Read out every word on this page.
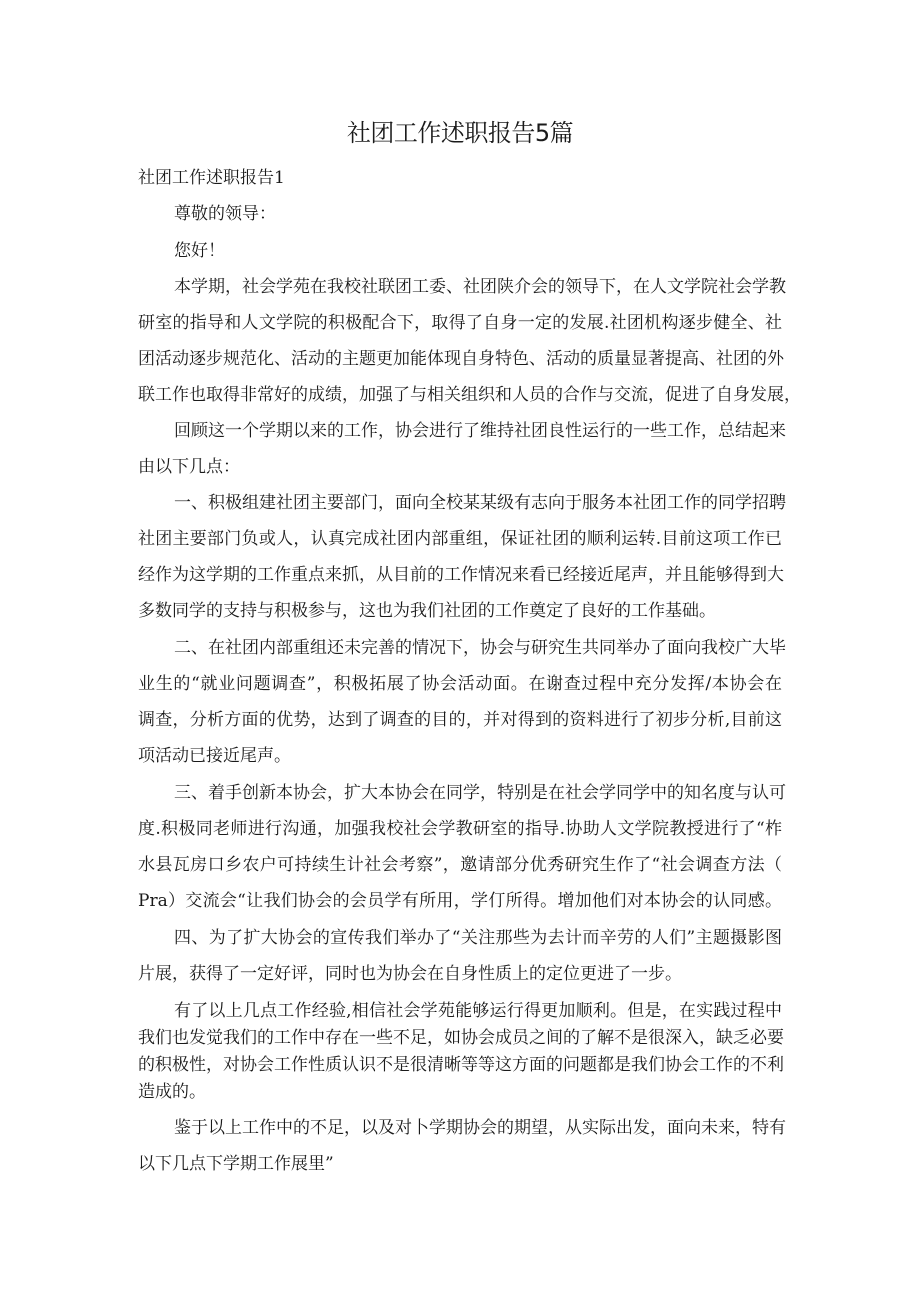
社团工作述职报告5篇
社团工作述职报告1
尊敬的领导：
您好！
本学期，社会学苑在我校社联团工委、社团陕介会的领导下，在人文学院社会学教
研室的指导和人文学院的积极配合下，取得了自身一定的发展.社团机构逐步健全、社
团活动逐步规范化、活动的主题更加能体现自身特色、活动的质量显著提高、社团的外
联工作也取得非常好的成绩，加强了与相关组织和人员的合作与交流，促进了自身发展，
回顾这一个学期以来的工作，协会进行了维持社团良性运行的一些工作，总结起来
由以下几点：
一、积极组建社团主要部门，面向全校某某级有志向于服务本社团工作的同学招聘
社团主要部门负或人，认真完成社团内部重组，保证社团的顺利运转.目前这项工作已
经作为这学期的工作重点来抓，从目前的工作情况来看已经接近尾声，并且能够得到大
多数同学的支持与积极参与，这也为我们社团的工作奠定了良好的工作基础。
二、在社团内部重组还未完善的情况下，协会与研究生共同举办了面向我校广大毕
业生的“就业问题调查”，积极拓展了协会活动面。在谢查过程中充分发挥/本协会在
调查，分析方面的优势，达到了调查的目的，并对得到的资料进行了初步分析,目前这
项活动已接近尾声。
三、着手创新本协会，扩大本协会在同学，特别是在社会学同学中的知名度与认可
度.积极同老师进行沟通，加强我校社会学教研室的指导.协助人文学院教授进行了“柞
水县瓦房口乡农户可持续生计社会考察”，邀请部分优秀研究生作了“社会调查方法（
Pra）交流会“让我们协会的会员学有所用，学仃所得。增加他们对本协会的认同感。
四、为了扩大协会的宣传我们举办了“关注那些为去计而辛劳的人们”主题摄影图
片展，获得了一定好评，同时也为协会在自身性质上的定位更进了一步。
有了以上几点工作经验,相信社会学苑能够运行得更加顺利。但是，在实践过程中
我们也发觉我们的工作中存在一些不足，如协会成员之间的了解不是很深入，缺乏必要
的积极性，对协会工作性质认识不是很清晰等等这方面的问题都是我们协会工作的不利
造成的。
鉴于以上工作中的不足，以及对卜学期协会的期望，从实际出发，面向未来，特有
以下几点下学期工作展里”
